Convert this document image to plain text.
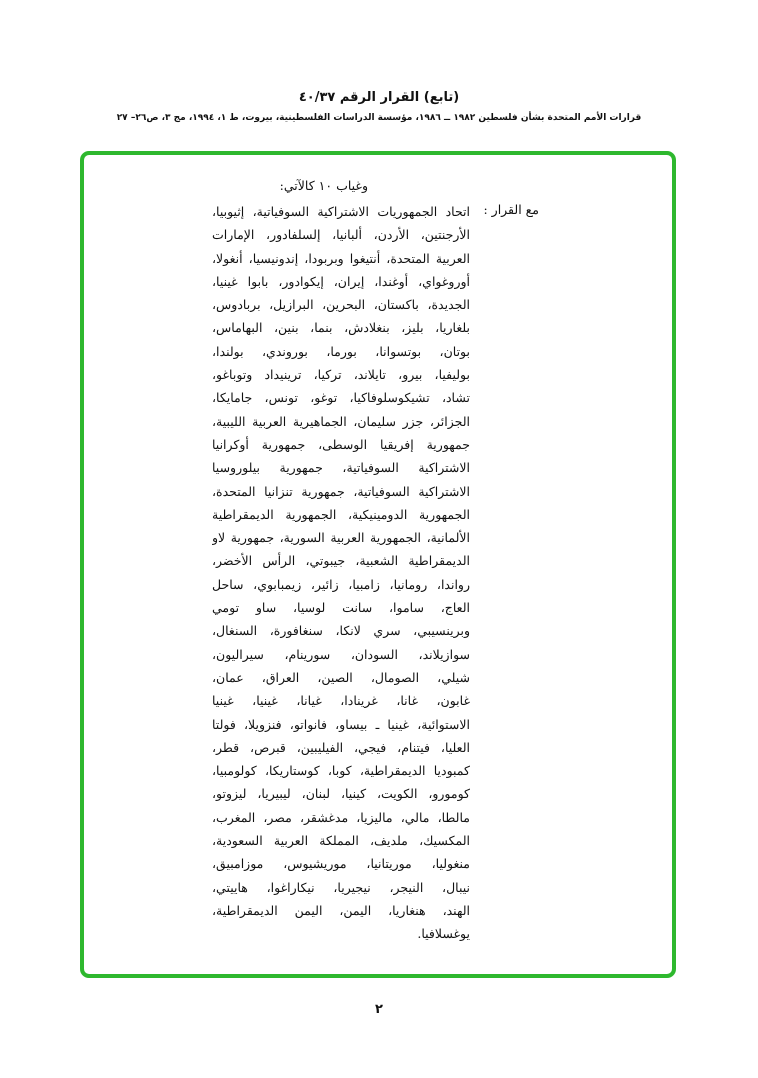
(تابع) القرار الرقم ٤٠/٣٧
قرارات الأمم المتحدة بشأن فلسطين ١٩٨٢ ــ ١٩٨٦، مؤسسة الدراسات الفلسطينية، بيروت، ط ١، ١٩٩٤، مج ٣، ص٢٦– ٢٧
وغياب ١٠ كالآتي:
مع القرار :
اتحاد الجمهوريات الاشتراكية السوفياتية، إثيوبيا،
الأرجنتين، الأردن، ألبانيا، إلسلفادور، الإمارات
العربية المتحدة، أنتيغوا وبربودا، إندونيسيا، أنغولا،
أوروغواي، أوغندا، إيران، إيكوادور، بابوا غينيا،
الجديدة، باكستان، البحرين، البرازيل، بربادوس،
بلغاريا، بليز، بنغلادش، بنما، بنين، البهاماس،
بوتان، بوتسوانا، بورما، بوروندي، بولندا،
بوليفيا، بيرو، تايلاند، تركيا، ترينيداد وتوباغو،
تشاد، تشيكوسلوفاكيا، توغو، تونس، جامايكا،
الجزائر، جزر سليمان، الجماهيرية العربية الليبية،
جمهورية إفريقيا الوسطى، جمهورية أوكرانيا
الاشتراكية السوفياتية، جمهورية بيلوروسيا
الاشتراكية السوفياتية، جمهورية تنزانيا المتحدة،
الجمهورية الدومينيكية، الجمهورية الديمقراطية
الألمانية، الجمهورية العربية السورية، جمهورية لاو
الديمقراطية الشعبية، جيبوتي، الرأس الأخضر،
رواندا، رومانيا، زامبيا، زائير، زيمبابوي، ساحل
العاج، ساموا، سانت لوسيا، ساو تومي
وبرينسيبي، سري لانكا، سنغافورة، السنغال،
سوازيلاند، السودان، سورينام، سيراليون،
شيلي، الصومال، الصين، العراق، عمان،
غابون، غانا، غرينادا، غيانا، غينيا، غينيا
الاستوائية، غينيا ـ بيساو، فانواتو، فنزويلا، فولتا
العليا، فيتنام، فيجي، الفيليبين، قبرص، قطر،
كمبوديا الديمقراطية، كوبا، كوستاريكا، كولومبيا،
كومورو، الكويت، كينيا، لبنان، ليبيريا، ليزوتو،
مالطا، مالي، ماليزيا، مدغشقر، مصر، المغرب،
المكسيك، ملديف، المملكة العربية السعودية،
منغوليا، موريتانيا، موريشيوس، موزامبيق،
نيبال، النيجر، نيجيريا، نيكاراغوا، هاييتي،
الهند، هنغاريا، اليمن، اليمن الديمقراطية،
يوغسلافيا.
٢
